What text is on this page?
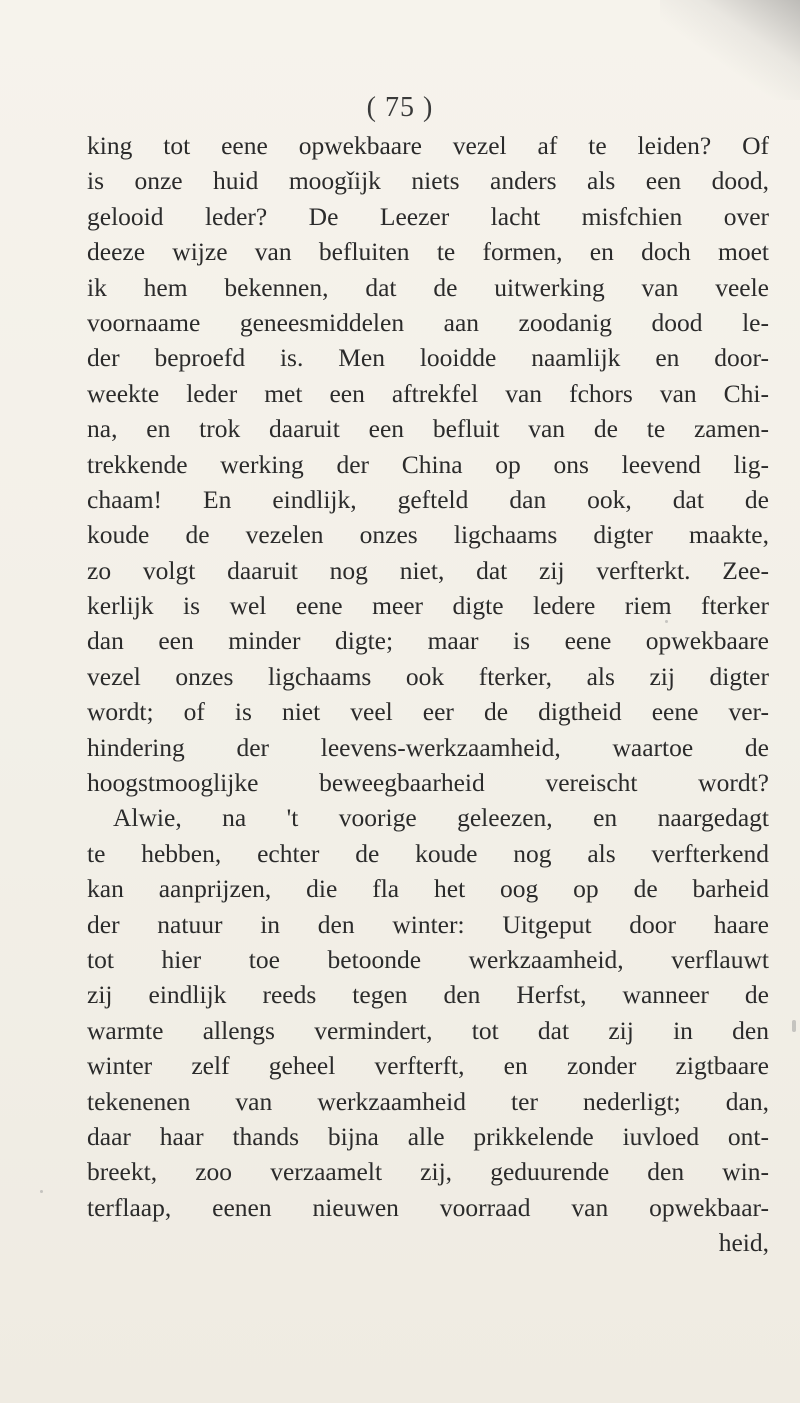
( 75 )
king tot eene opwekbaare vezel af te leiden? Of
is onze huid moogǐijk niets anders als een dood,
gelooid leder? De Leezer lacht misfchien over
deeze wijze van befluiten te formen, en doch moet
ik hem bekennen, dat de uitwerking van veele
voornaame geneesmiddelen aan zoodanig dood le-
der beproefd is. Men looidde naamlijk en door-
weekte leder met een aftrekfel van fchors van Chi-
na, en trok daaruit een befluit van de te zamen-
trekkende werking der China op ons leevend lig-
chaam! En eindlijk, gefteld dan ook, dat de
koude de vezelen onzes ligchaams digter maakte,
zo volgt daaruit nog niet, dat zij verfterkt. Zee-
kerlijk is wel eene meer digte ledere riem fterker
dan een minder digte; maar is eene opwekbaare
vezel onzes ligchaams ook fterker, als zij digter
wordt; of is niet veel eer de digtheid eene ver-
hindering der leevens-werkzaamheid, waartoe de
hoogstmooglijke beweegbaarheid vereischt wordt?
Alwie, na 't voorige geleezen, en naargedagt
te hebben, echter de koude nog als verfterkend
kan aanprijzen, die fla het oog op de barheid
der natuur in den winter: Uitgeput door haare
tot hier toe betoonde werkzaamheid, verflauwt
zij eindlijk reeds tegen den Herfst, wanneer de
warmte allengs vermindert, tot dat zij in den
winter zelf geheel verfterft, en zonder zigtbaare
tekenenen van werkzaamheid ter nederligt; dan,
daar haar thands bijna alle prikkelende iuvloed ont-
breekt, zoo verzaamelt zij, geduurende den win-
terflaap, eenen nieuwen voorraad van opwekbaar-
heid,
